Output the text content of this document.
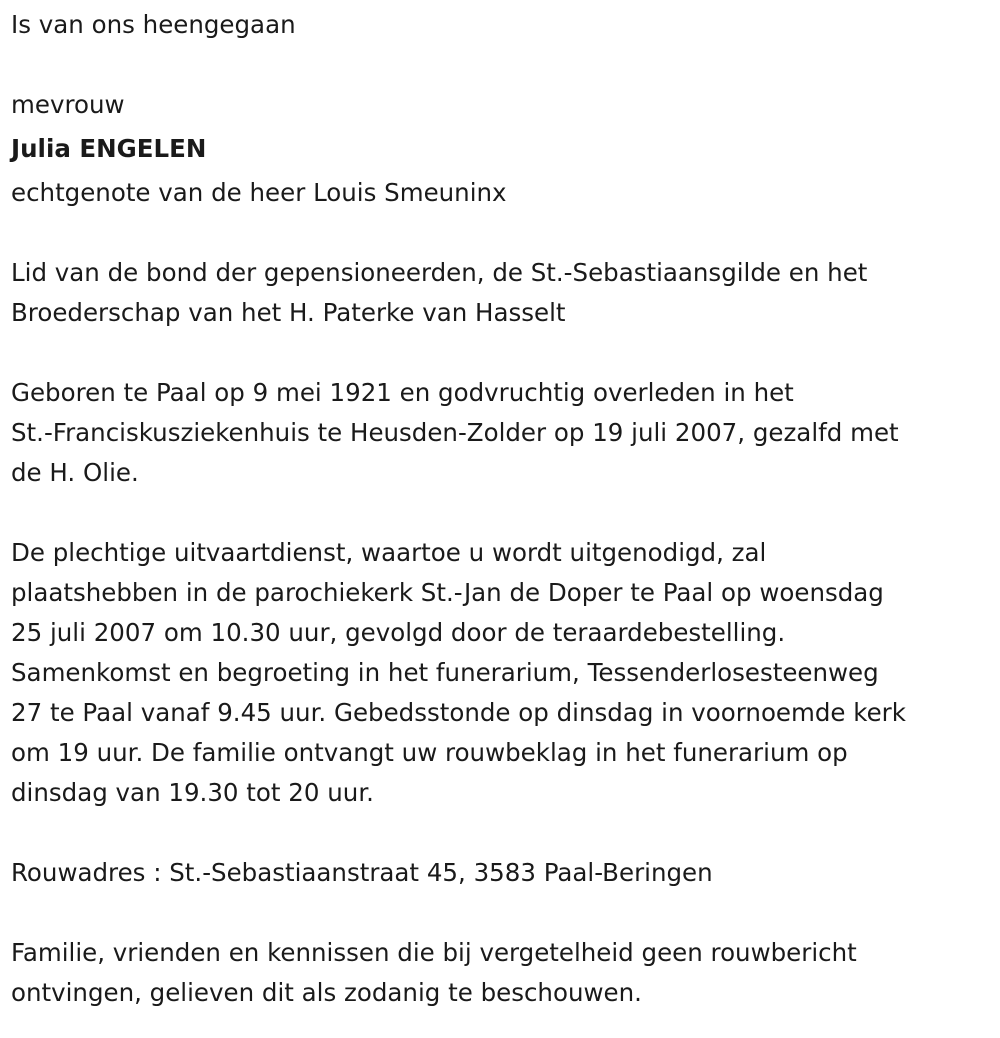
Is van ons heengegaan

mevrouw

Julia ENGELEN

echtgenote van de heer Louis Smeuninx

Lid van de bond der gepensioneerden, de St.-Sebastiaansgilde en het

Broederschap van het H. Paterke van Hasselt

Geboren te Paal op 9 mei 1921 en godvruchtig overleden in het

St.-Franciskusziekenhuis te Heusden-Zolder op 19 juli 2007, gezalfd met

de H. Olie.

De plechtige uitvaartdienst, waartoe u wordt uitgenodigd, zal

plaatshebben in de parochiekerk St.-Jan de Doper te Paal op woensdag

25 juli 2007 om 10.30 uur, gevolgd door de teraardebestelling.

Samenkomst en begroeting in het funerarium, Tessenderlosesteenweg

27 te Paal vanaf 9.45 uur. Gebedsstonde op dinsdag in voornoemde kerk

om 19 uur. De familie ontvangt uw rouwbeklag in het funerarium op

dinsdag van 19.30 tot 20 uur.

Rouwadres : St.-Sebastiaanstraat 45, 3583 Paal-Beringen

Familie, vrienden en kennissen die bij vergetelheid geen rouwbericht

ontvingen, gelieven dit als zodanig te beschouwen.
